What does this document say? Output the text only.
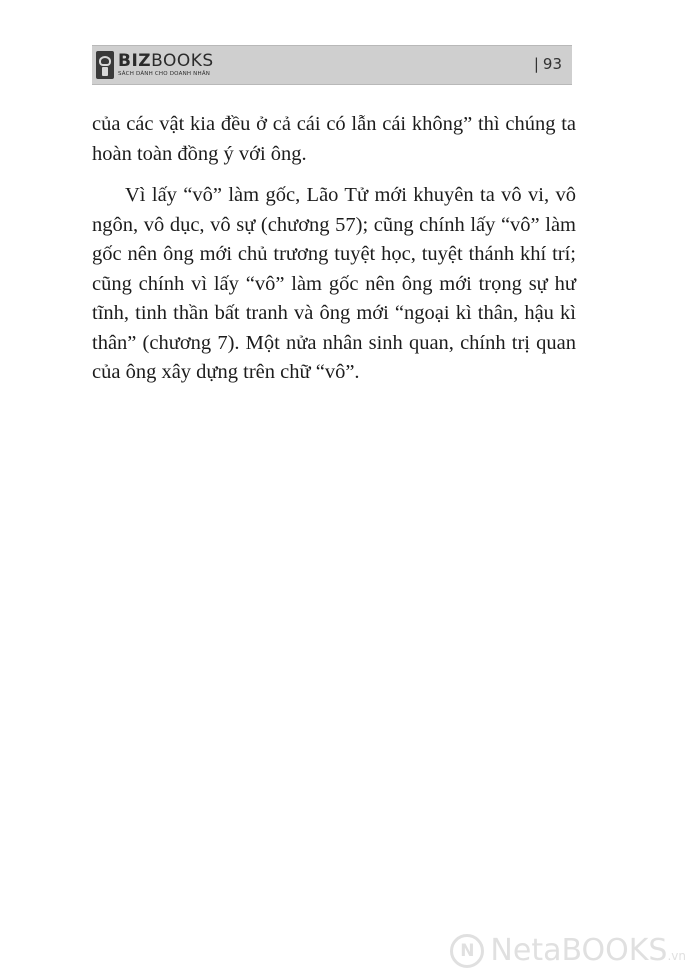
BIZBOOKS
SÁCH DÀNH CHO DOANH NHÂN
| 93

của các vật kia đều ở cả cái có lẫn cái không” thì chúng ta hoàn toàn đồng ý với ông.

Vì lấy “vô” làm gốc, Lão Tử mới khuyên ta vô vi, vô ngôn, vô dục, vô sự (chương 57); cũng chính lấy “vô” làm gốc nên ông mới chủ trương tuyệt học, tuyệt thánh khí trí; cũng chính vì lấy “vô” làm gốc nên ông mới trọng sự hư tĩnh, tinh thần bất tranh và ông mới “ngoại kì thân, hậu kì thân” (chương 7). Một nửa nhân sinh quan, chính trị quan của ông xây dựng trên chữ “vô”.

N NetaBOOKS.vn
